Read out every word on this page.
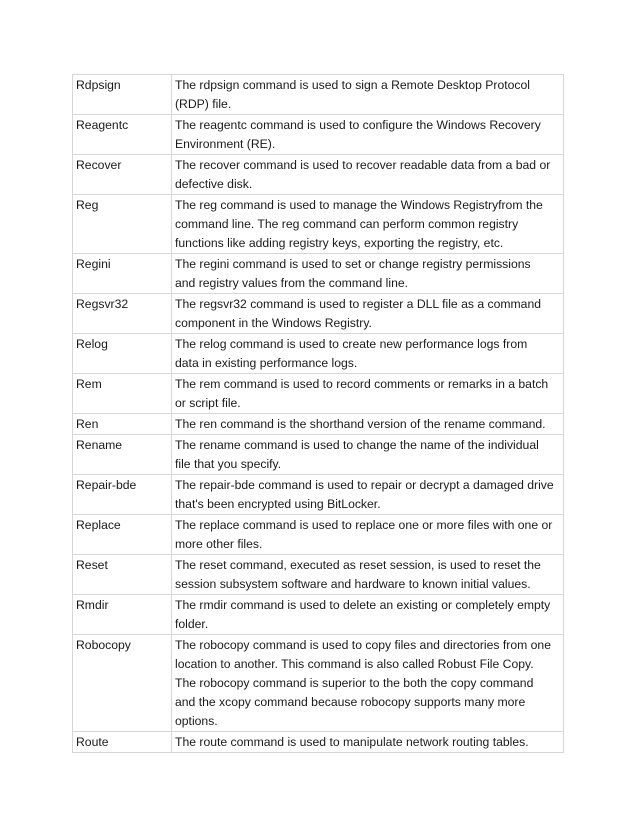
Rdpsign	The rdpsign command is used to sign a Remote Desktop Protocol
(RDP) file.
Reagentc	The reagentc command is used to configure the Windows Recovery
Environment (RE).
Recover	The recover command is used to recover readable data from a bad or
defective disk.
Reg	The reg command is used to manage the Windows Registryfrom the
command line. The reg command can perform common registry
functions like adding registry keys, exporting the registry, etc.
Regini	The regini command is used to set or change registry permissions
and registry values from the command line.
Regsvr32	The regsvr32 command is used to register a DLL file as a command
component in the Windows Registry.
Relog	The relog command is used to create new performance logs from
data in existing performance logs.
Rem	The rem command is used to record comments or remarks in a batch
or script file.
Ren	The ren command is the shorthand version of the rename command.
Rename	The rename command is used to change the name of the individual
file that you specify.
Repair-bde	The repair-bde command is used to repair or decrypt a damaged drive
that's been encrypted using BitLocker.
Replace	The replace command is used to replace one or more files with one or
more other files.
Reset	The reset command, executed as reset session, is used to reset the
session subsystem software and hardware to known initial values.
Rmdir	The rmdir command is used to delete an existing or completely empty
folder.
Robocopy	The robocopy command is used to copy files and directories from one
location to another. This command is also called Robust File Copy.
The robocopy command is superior to the both the copy command
and the xcopy command because robocopy supports many more
options.
Route	The route command is used to manipulate network routing tables.
